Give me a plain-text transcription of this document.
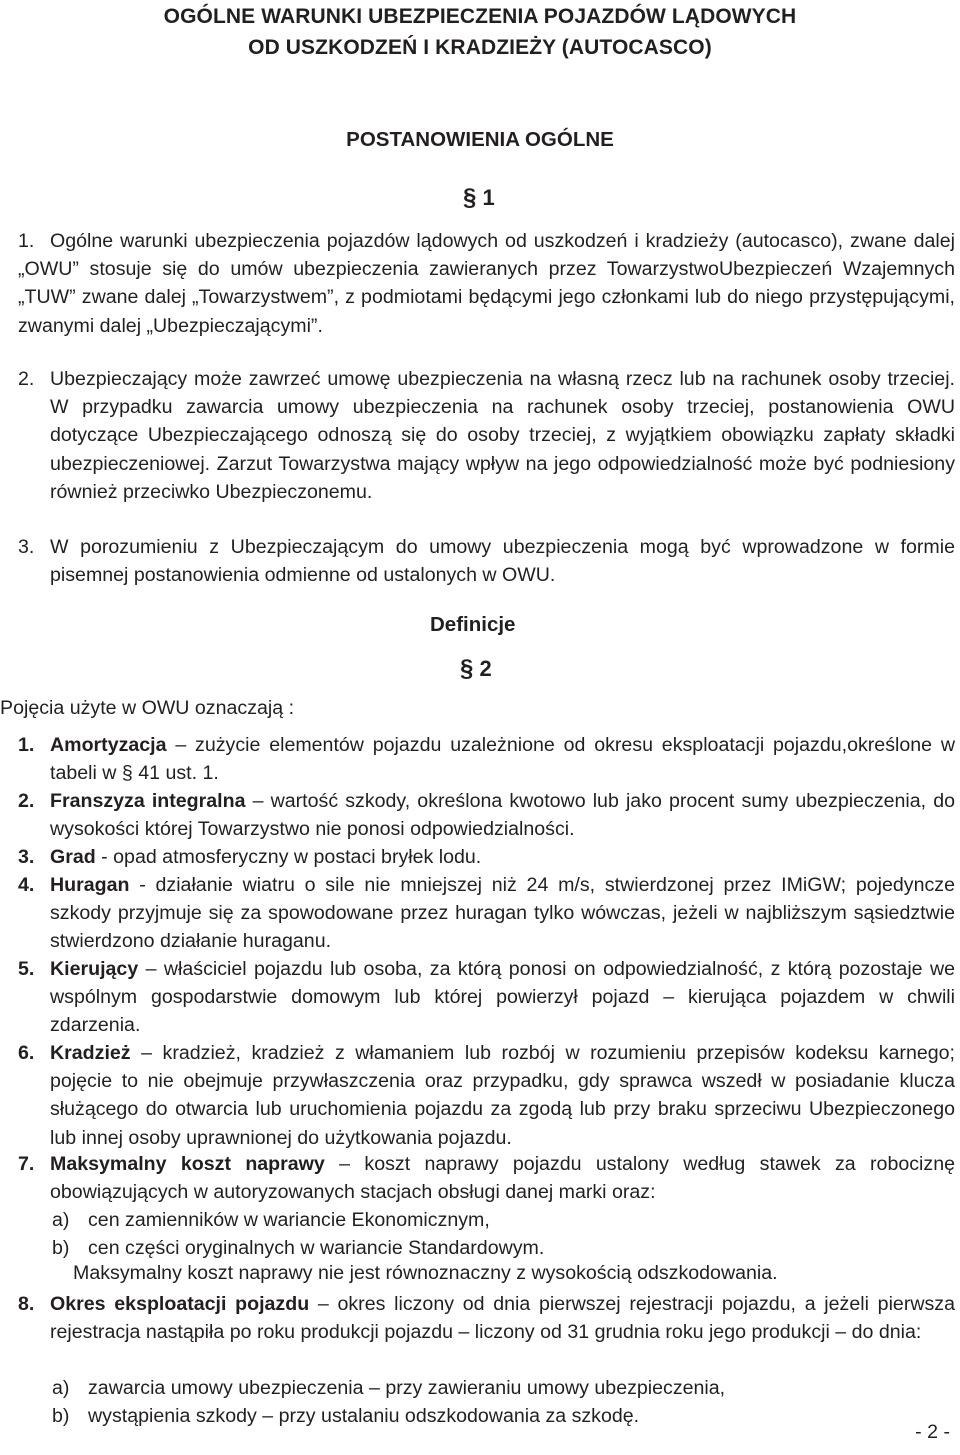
OGÓLNE WARUNKI UBEZPIECZENIA POJAZDÓW LĄDOWYCH
OD USZKODZEŃ I KRADZIEŻY (AUTOCASCO)
POSTANOWIENIA OGÓLNE
§ 1
1. Ogólne warunki ubezpieczenia pojazdów lądowych od uszkodzeń i kradzieży (autocasco), zwane dalej „OWU” stosuje się do umów ubezpieczenia zawieranych przez TowarzystwoUbezpieczeń Wzajemnych „TUW” zwane dalej „Towarzystwem”, z podmiotami będącymi jego członkami lub do niego przystępującymi, zwanymi dalej „Ubezpieczającymi”.
2. Ubezpieczający może zawrzeć umowę ubezpieczenia na własną rzecz lub na rachunek osoby trzeciej. W przypadku zawarcia umowy ubezpieczenia na rachunek osoby trzeciej, postanowienia OWU dotyczące Ubezpieczającego odnoszą się do osoby trzeciej, z wyjątkiem obowiązku zapłaty składki ubezpieczeniowej. Zarzut Towarzystwa mający wpływ na jego odpowiedzialność może być podniesiony również przeciwko Ubezpieczonemu.
3. W porozumieniu z Ubezpieczającym do umowy ubezpieczenia mogą być wprowadzone w formie pisemnej postanowienia odmienne od ustalonych w OWU.
Definicje
§ 2
Pojęcia użyte w OWU oznaczają :
1. Amortyzacja – zużycie elementów pojazdu uzależnione od okresu eksploatacji pojazdu,określone w tabeli w § 41 ust. 1.
2. Franszyza integralna – wartość szkody, określona kwotowo lub jako procent sumy ubezpieczenia, do wysokości której Towarzystwo nie ponosi odpowiedzialności.
3. Grad - opad atmosferyczny w postaci bryłek lodu.
4. Huragan - działanie wiatru o sile nie mniejszej niż 24 m/s, stwierdzonej przez IMiGW; pojedyncze szkody przyjmuje się za spowodowane przez huragan tylko wówczas, jeżeli w najbliższym sąsiedztwie stwierdzono działanie huraganu.
5. Kierujący – właściciel pojazdu lub osoba, za którą ponosi on odpowiedzialność, z którą pozostaje we wspólnym gospodarstwie domowym lub której powierzył pojazd – kierująca pojazdem w chwili zdarzenia.
6. Kradzież – kradzież, kradzież z włamaniem lub rozbój w rozumieniu przepisów kodeksu karnego; pojęcie to nie obejmuje przywłaszczenia oraz przypadku, gdy sprawca wszedł w posiadanie klucza służącego do otwarcia lub uruchomienia pojazdu za zgodą lub przy braku sprzeciwu Ubezpieczonego lub innej osoby uprawnionej do użytkowania pojazdu.
7. Maksymalny koszt naprawy – koszt naprawy pojazdu ustalony według stawek za robociznę obowiązujących w autoryzowanych stacjach obsługi danej marki oraz:
a) cen zamienników w wariancie Ekonomicznym,
b) cen części oryginalnych w wariancie Standardowym.
Maksymalny koszt naprawy nie jest równoznaczny z wysokością odszkodowania.
8. Okres eksploatacji pojazdu – okres liczony od dnia pierwszej rejestracji pojazdu, a jeżeli pierwsza rejestracja nastąpiła po roku produkcji pojazdu – liczony od 31 grudnia roku jego produkcji – do dnia:
a) zawarcia umowy ubezpieczenia – przy zawieraniu umowy ubezpieczenia,
b) wystąpienia szkody – przy ustalaniu odszkodowania za szkodę.
- 2 -
